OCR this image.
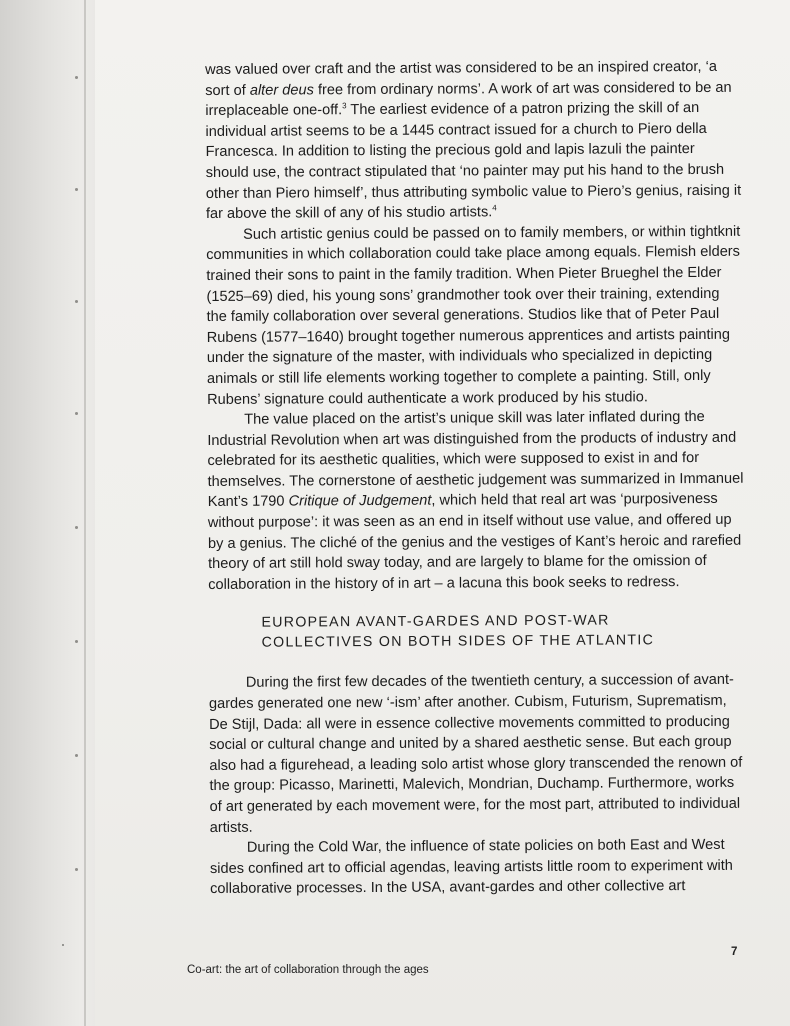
was valued over craft and the artist was considered to be an inspired creator, ‘a sort of alter deus free from ordinary norms’. A work of art was considered to be an irreplaceable one-off.$^3$ The earliest evidence of a patron prizing the skill of an individual artist seems to be a 1445 contract issued for a church to Piero della Francesca. In addition to listing the precious gold and lapis lazuli the painter should use, the contract stipulated that ‘no painter may put his hand to the brush other than Piero himself’, thus attributing symbolic value to Piero’s genius, raising it far above the skill of any of his studio artists.$^4$

Such artistic genius could be passed on to family members, or within tightknit communities in which collaboration could take place among equals. Flemish elders trained their sons to paint in the family tradition. When Pieter Brueghel the Elder (1525–69) died, his young sons’ grandmother took over their training, extending the family collaboration over several generations. Studios like that of Peter Paul Rubens (1577–1640) brought together numerous apprentices and artists painting under the signature of the master, with individuals who specialized in depicting animals or still life elements working together to complete a painting. Still, only Rubens’ signature could authenticate a work produced by his studio.

The value placed on the artist’s unique skill was later inflated during the Industrial Revolution when art was distinguished from the products of industry and celebrated for its aesthetic qualities, which were supposed to exist in and for themselves. The cornerstone of aesthetic judgement was summarized in Immanuel Kant’s 1790 Critique of Judgement, which held that real art was ‘purposiveness without purpose’: it was seen as an end in itself without use value, and offered up by a genius. The cliché of the genius and the vestiges of Kant’s heroic and rarefied theory of art still hold sway today, and are largely to blame for the omission of collaboration in the history of in art – a lacuna this book seeks to redress.

EUROPEAN AVANT-GARDES AND POST-WAR
COLLECTIVES ON BOTH SIDES OF THE ATLANTIC

During the first few decades of the twentieth century, a succession of avant-gardes generated one new ‘-ism’ after another. Cubism, Futurism, Suprematism, De Stijl, Dada: all were in essence collective movements committed to producing social or cultural change and united by a shared aesthetic sense. But each group also had a figurehead, a leading solo artist whose glory transcended the renown of the group: Picasso, Marinetti, Malevich, Mondrian, Duchamp. Furthermore, works of art generated by each movement were, for the most part, attributed to individual artists.

During the Cold War, the influence of state policies on both East and West sides confined art to official agendas, leaving artists little room to experiment with collaborative processes. In the USA, avant-gardes and other collective art

7
Co-art: the art of collaboration through the ages
